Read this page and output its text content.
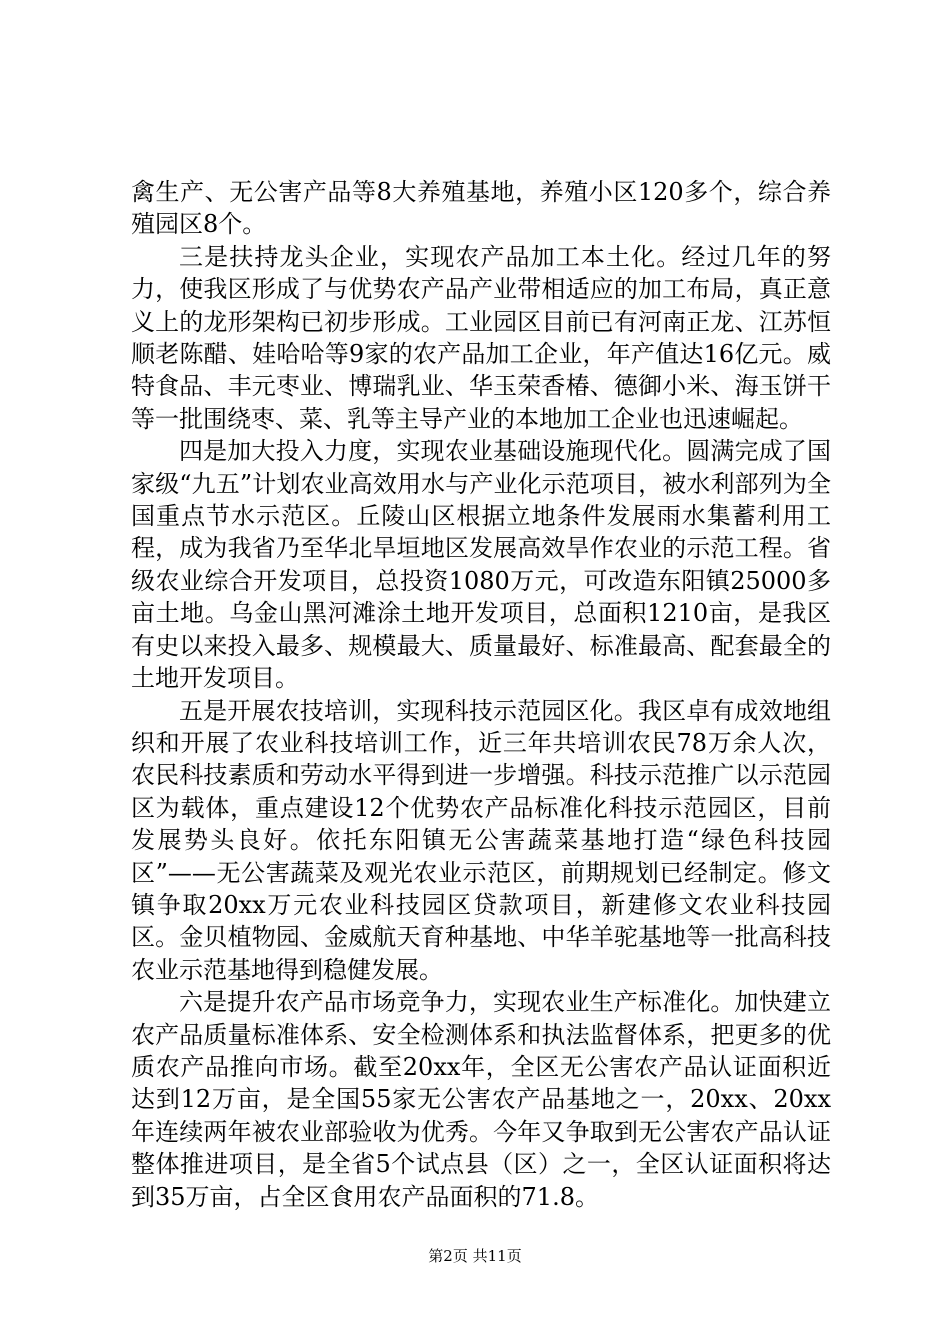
禽生产、无公害产品等8大养殖基地，养殖小区120多个，综合养殖园区8个。

三是扶持龙头企业，实现农产品加工本土化。经过几年的努力，使我区形成了与优势农产品产业带相适应的加工布局，真正意义上的龙形架构已初步形成。工业园区目前已有河南正龙、江苏恒顺老陈醋、娃哈哈等9家的农产品加工企业，年产值达16亿元。威特食品、丰元枣业、博瑞乳业、华玉荣香椿、德御小米、海玉饼干等一批围绕枣、菜、乳等主导产业的本地加工企业也迅速崛起。

四是加大投入力度，实现农业基础设施现代化。圆满完成了国家级“九五”计划农业高效用水与产业化示范项目，被水利部列为全国重点节水示范区。丘陵山区根据立地条件发展雨水集蓄利用工程，成为我省乃至华北旱垣地区发展高效旱作农业的示范工程。省级农业综合开发项目，总投资1080万元，可改造东阳镇25000多亩土地。乌金山黑河滩涂土地开发项目，总面积1210亩，是我区有史以来投入最多、规模最大、质量最好、标准最高、配套最全的土地开发项目。

五是开展农技培训，实现科技示范园区化。我区卓有成效地组织和开展了农业科技培训工作，近三年共培训农民78万余人次，农民科技素质和劳动水平得到进一步增强。科技示范推广以示范园区为载体，重点建设12个优势农产品标准化科技示范园区，目前发展势头良好。依托东阳镇无公害蔬菜基地打造“绿色科技园区”——无公害蔬菜及观光农业示范区，前期规划已经制定。修文镇争取20xx万元农业科技园区贷款项目，新建修文农业科技园区。金贝植物园、金威航天育种基地、中华羊驼基地等一批高科技农业示范基地得到稳健发展。

六是提升农产品市场竞争力，实现农业生产标准化。加快建立农产品质量标准体系、安全检测体系和执法监督体系，把更多的优质农产品推向市场。截至20xx年，全区无公害农产品认证面积近达到12万亩，是全国55家无公害农产品基地之一，20xx、20xx年连续两年被农业部验收为优秀。今年又争取到无公害农产品认证整体推进项目，是全省5个试点县（区）之一，全区认证面积将达到35万亩，占全区食用农产品面积的71.8。

第2页 共11页
